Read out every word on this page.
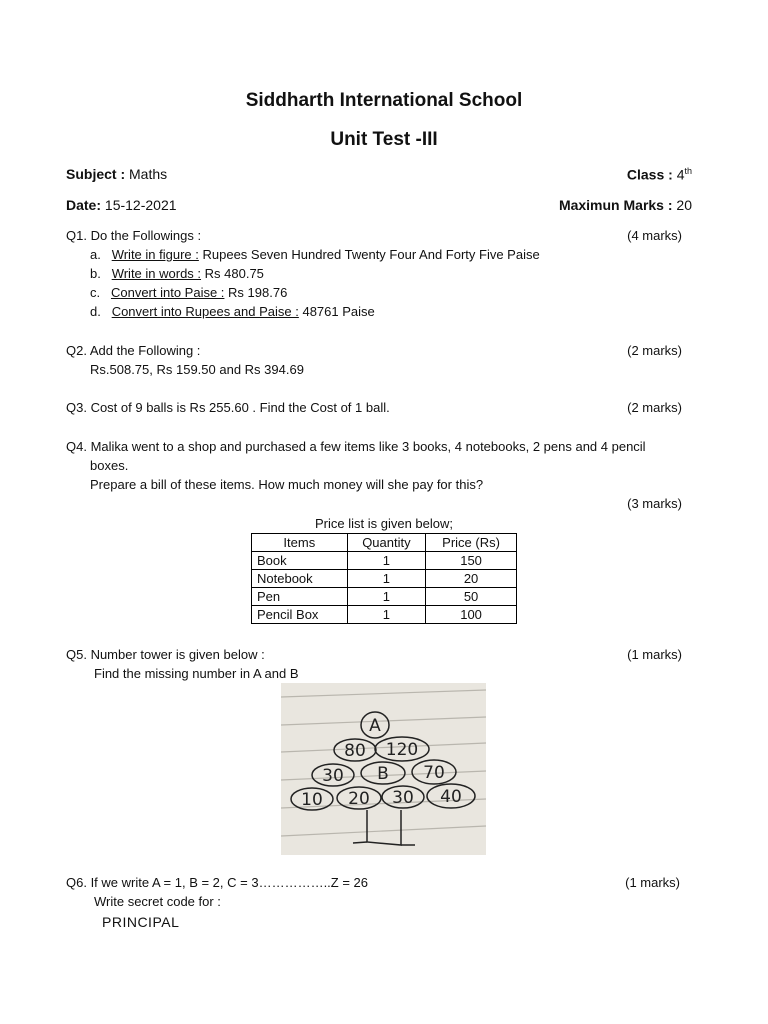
Siddharth International School
Unit Test -III
Subject : Maths	Class : 4th
Date: 15-12-2021	Maximun Marks : 20
Q1. Do the Followings :	(4 marks)
a. Write in figure : Rupees Seven Hundred Twenty Four And Forty Five Paise
b. Write in words : Rs 480.75
c. Convert into Paise : Rs 198.76
d. Convert into Rupees and Paise : 48761 Paise
Q2. Add the Following :	(2 marks)
Rs.508.75, Rs 159.50 and Rs 394.69
Q3. Cost of 9 balls is Rs 255.60 . Find the Cost of 1 ball.	(2 marks)
Q4. Malika went to a shop and purchased a few items like 3 books, 4 notebooks, 2 pens and 4 pencil
boxes.
Prepare a bill of these items. How much money will she pay for this?
(3 marks)
Price list is given below;
Items	Quantity	Price (Rs)
Book	1	150
Notebook	1	20
Pen	1	50
Pencil Box	1	100
Q5. Number tower is given below :	(1 marks)
Find the missing number in A and B
A
80 120
30 B 70
10 20 30 40
Q6. If we write A = 1, B = 2, C = 3……………..Z = 26	(1 marks)
Write secret code for :
PRINCIPAL
